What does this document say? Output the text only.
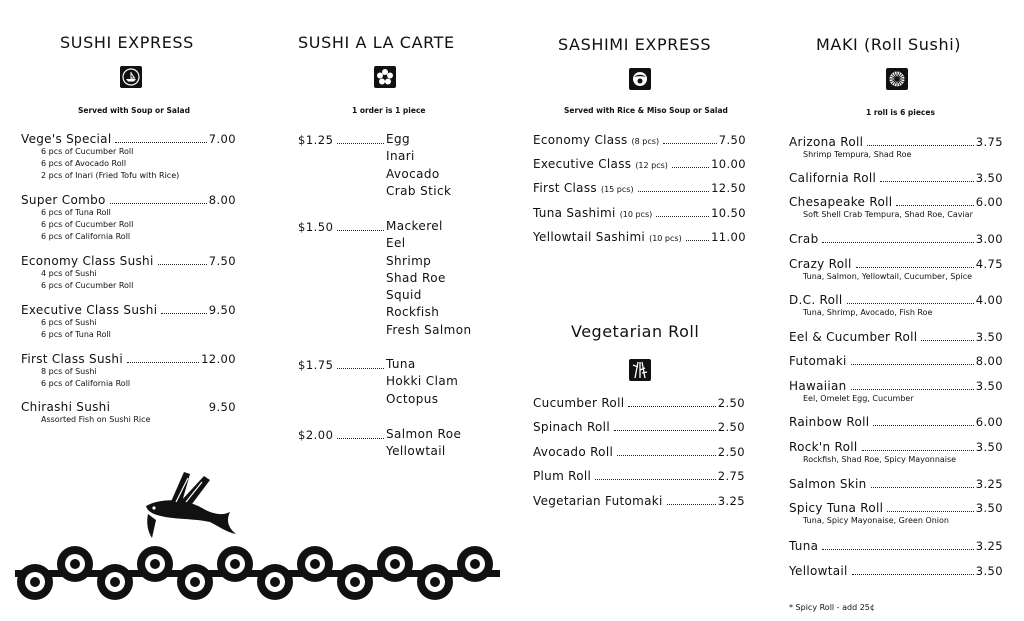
SUSHI EXPRESS
Served with Soup or Salad
Vege's Special	7.00
6 pcs of Cucumber Roll
6 pcs of Avocado Roll
2 pcs of Inari (Fried Tofu with Rice)
Super Combo	8.00
6 pcs of Tuna Roll
6 pcs of Cucumber Roll
6 pcs of California Roll
Economy Class Sushi	7.50
4 pcs of Sushi
6 pcs of Cucumber Roll
Executive Class Sushi	9.50
6 pcs of Sushi
6 pcs of Tuna Roll
First Class Sushi	12.00
8 pcs of Sushi
6 pcs of California Roll
Chirashi Sushi	9.50
Assorted Fish on Sushi Rice
SUSHI A LA CARTE
1 order is 1 piece
$1.25	Egg
Inari
Avocado
Crab Stick
$1.50	Mackerel
Eel
Shrimp
Shad Roe
Squid
Rockfish
Fresh Salmon
$1.75	Tuna
Hokki Clam
Octopus
$2.00	Salmon Roe
Yellowtail
SASHIMI EXPRESS
Served with Rice & Miso Soup or Salad
Economy Class (8 pcs)	7.50
Executive Class (12 pcs)	10.00
First Class (15 pcs)	12.50
Tuna Sashimi (10 pcs)	10.50
Yellowtail Sashimi (10 pcs)	11.00
Vegetarian Roll
Cucumber Roll	2.50
Spinach Roll	2.50
Avocado Roll	2.50
Plum Roll	2.75
Vegetarian Futomaki	3.25
MAKI (Roll Sushi)
1 roll is 6 pieces
Arizona Roll	3.75
Shrimp Tempura, Shad Roe
California Roll	3.50
Chesapeake Roll	6.00
Soft Shell Crab Tempura, Shad Roe, Caviar
Crab	3.00
Crazy Roll	4.75
Tuna, Salmon, Yellowtail, Cucumber, Spice
D.C. Roll	4.00
Tuna, Shrimp, Avocado, Fish Roe
Eel & Cucumber Roll	3.50
Futomaki	8.00
Hawaiian	3.50
Eel, Omelet Egg, Cucumber
Rainbow Roll	6.00
Rock'n Roll	3.50
Rockfish, Shad Roe, Spicy Mayonnaise
Salmon Skin	3.25
Spicy Tuna Roll	3.50
Tuna, Spicy Mayonaise, Green Onion
Tuna	3.25
Yellowtail	3.50
* Spicy Roll - add 25¢
